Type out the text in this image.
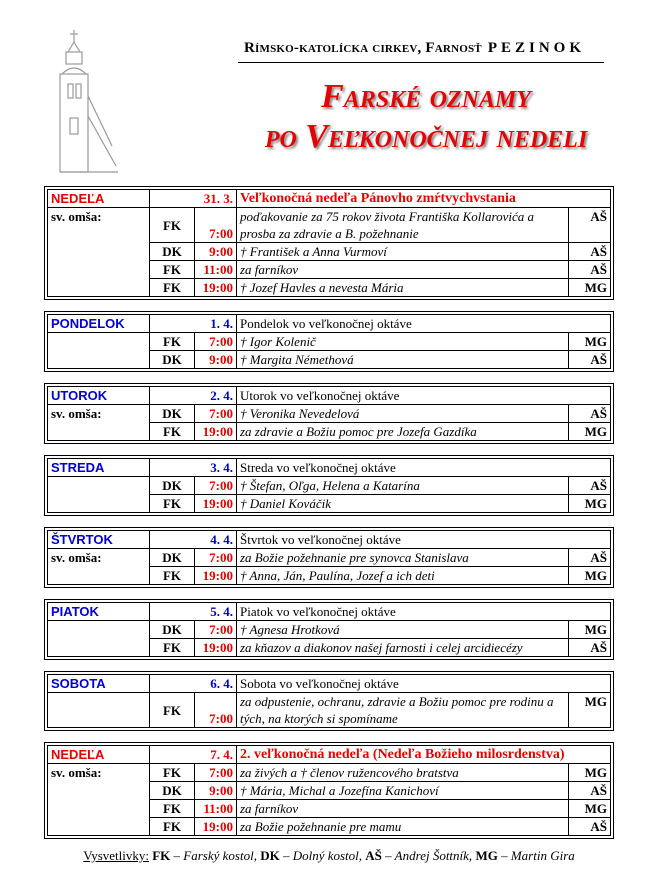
Rímsko-katolícka cirkev, Farnosť PEZINOK
Farské oznamy
po Veľkonočnej nedeli
NEDEĽA	31. 3.		Veľkonočná nedeľa Pánovho zmŕtvychvstania	
sv. omša:	FK	7:00	poďakovanie za 75 rokov života Františka Kollarovića a prosba za zdravie a B. požehnanie	AŠ
	DK	9:00	† František a Anna Vurmoví	AŠ
	FK	11:00	za farníkov	AŠ
	FK	19:00	† Jozef Havles a nevesta Mária	MG
PONDELOK	1. 4.		Pondelok vo veľkonočnej oktáve	
	FK	7:00	† Igor Kolenič	MG
	DK	9:00	† Margita Némethová	AŠ
UTOROK	2. 4.		Utorok vo veľkonočnej oktáve	
sv. omša:	DK	7:00	† Veronika Nevedelová	AŠ
	FK	19:00	za zdravie a Božiu pomoc pre Jozefa Gazdíka	MG
STREDA	3. 4.		Streda vo veľkonočnej oktáve	
	DK	7:00	† Štefan, Oľga, Helena a Katarína	AŠ
	FK	19:00	† Daniel Kováčik	MG
ŠTVRTOK	4. 4.		Štvrtok vo veľkonočnej oktáve	
sv. omša:	DK	7:00	za Božie požehnanie pre synovca Stanislava	AŠ
	FK	19:00	† Anna, Ján, Paulína, Jozef a ich deti	MG
PIATOK	5. 4.		Piatok vo veľkonočnej oktáve	
	DK	7:00	† Agnesa Hrotková	MG
	FK	19:00	za kňazov a diakonov našej farnosti i celej arcidiecézy	AŠ
SOBOTA	6. 4.		Sobota vo veľkonočnej oktáve	
	FK	7:00	za odpustenie, ochranu, zdravie a Božiu pomoc pre rodinu a tých, na ktorých si spomíname	MG
NEDEĽA	7. 4.		2. veľkonočná nedeľa (Nedeľa Božieho milosrdenstva)	
sv. omša:	FK	7:00	za živých a † členov ružencového bratstva	MG
	DK	9:00	† Mária, Michal a Jozefína Kanichoví	AŠ
	FK	11:00	za farníkov	MG
	FK	19:00	za Božie požehnanie pre mamu	AŠ
Vysvetlivky: FK – Farský kostol, DK – Dolný kostol, AŠ – Andrej Šottník, MG – Martin Gira
